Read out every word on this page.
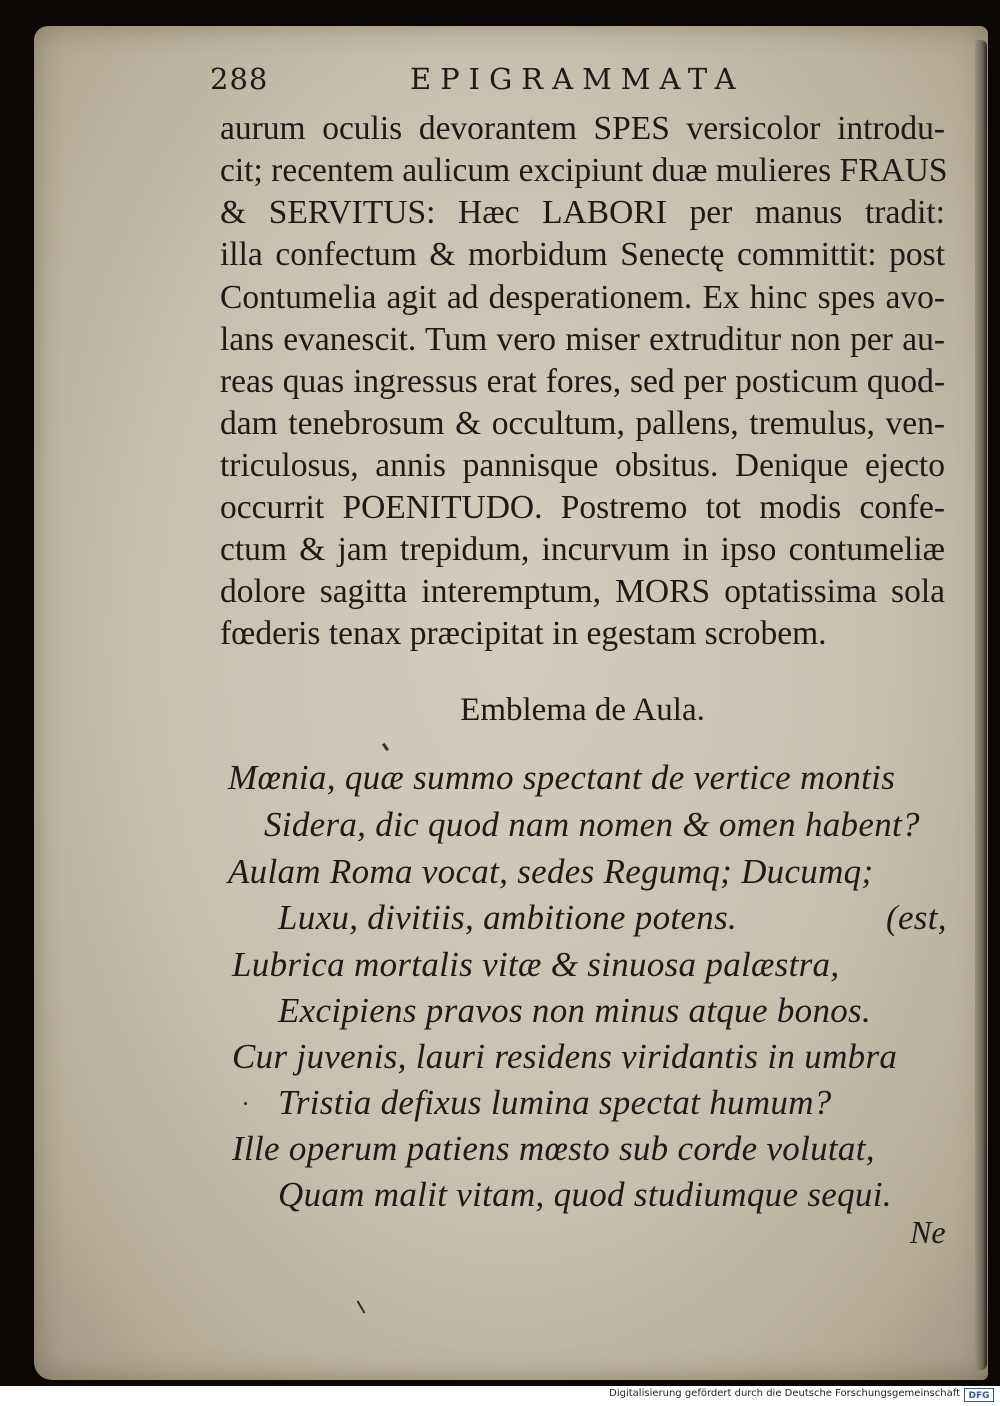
288	EPIGRAMMATA
aurum oculis devorantem SPES versicolor introdu-
cit; recentem aulicum excipiunt duæ mulieres FRAUS
& SERVITUS: Hæc LABORI per manus tradit:
illa confectum & morbidum Senectę committit: post
Contumelia agit ad desperationem. Ex hinc spes avo-
lans evanescit. Tum vero miser extruditur non per au-
reas quas ingressus erat fores, sed per posticum quod-
dam tenebrosum & occultum, pallens, tremulus, ven-
triculosus, annis pannisque obsitus. Denique ejecto
occurrit POENITUDO. Postremo tot modis confe-
ctum & jam trepidum, incurvum in ipso contumeliæ
dolore sagitta interemptum, MORS optatissima sola
fœderis tenax præcipitat in egestam scrobem.
Emblema de Aula.
Mœnia, quæ summo spectant de vertice montis
Sidera, dic quod nam nomen & omen habent?
Aulam Roma vocat, sedes Regumq; Ducumq;
Luxu, divitiis, ambitione potens.	(est,
Lubrica mortalis vitæ & sinuosa palæstra,
Excipiens pravos non minus atque bonos.
Cur juvenis, lauri residens viridantis in umbra
Tristia defixus lumina spectat humum?
Ille operum patiens mœsto sub corde volutat,
Quam malit vitam, quod studiumque sequi.
Ne
Digitalisierung gefördert durch die Deutsche Forschungsgemeinschaft DFG
